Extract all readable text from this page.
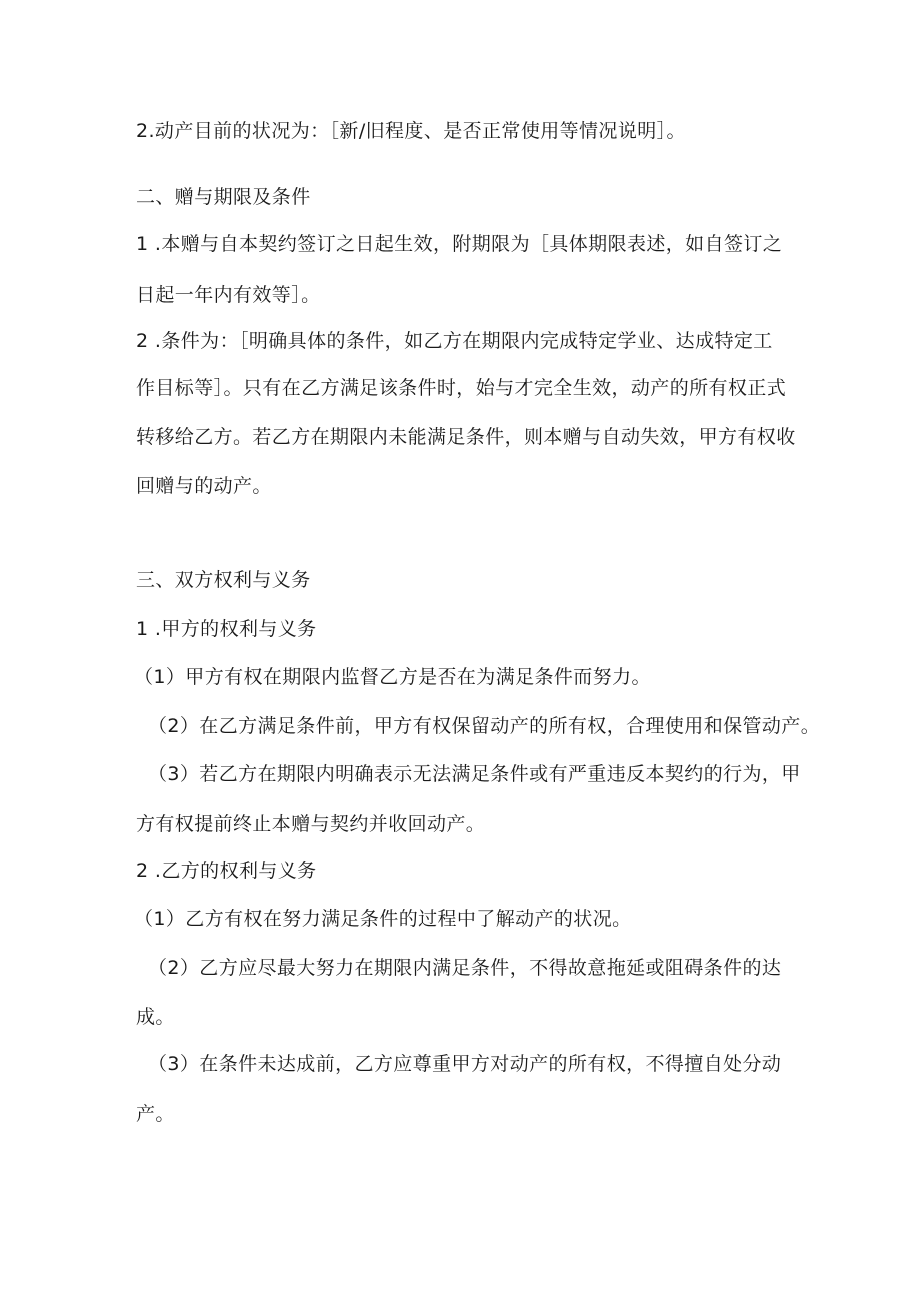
2.动产目前的状况为：［新/旧程度、是否正常使用等情况说明］。
二、赠与期限及条件
1 .本赠与自本契约签订之日起生效，附期限为［具体期限表述，如自签订之
日起一年内有效等］。
2 .条件为：［明确具体的条件，如乙方在期限内完成特定学业、达成特定工
作目标等］。只有在乙方满足该条件时，始与才完全生效，动产的所有权正式
转移给乙方。若乙方在期限内未能满足条件，则本赠与自动失效，甲方有权收
回赠与的动产。
三、双方权利与义务
1 .甲方的权利与义务
（1）甲方有权在期限内监督乙方是否在为满足条件而努力。
（2）在乙方满足条件前，甲方有权保留动产的所有权，合理使用和保管动产。
（3）若乙方在期限内明确表示无法满足条件或有严重违反本契约的行为，甲
方有权提前终止本赠与契约并收回动产。
2 .乙方的权利与义务
（1）乙方有权在努力满足条件的过程中了解动产的状况。
（2）乙方应尽最大努力在期限内满足条件，不得故意拖延或阻碍条件的达
成。
（3）在条件未达成前，乙方应尊重甲方对动产的所有权，不得擅自处分动
产。
